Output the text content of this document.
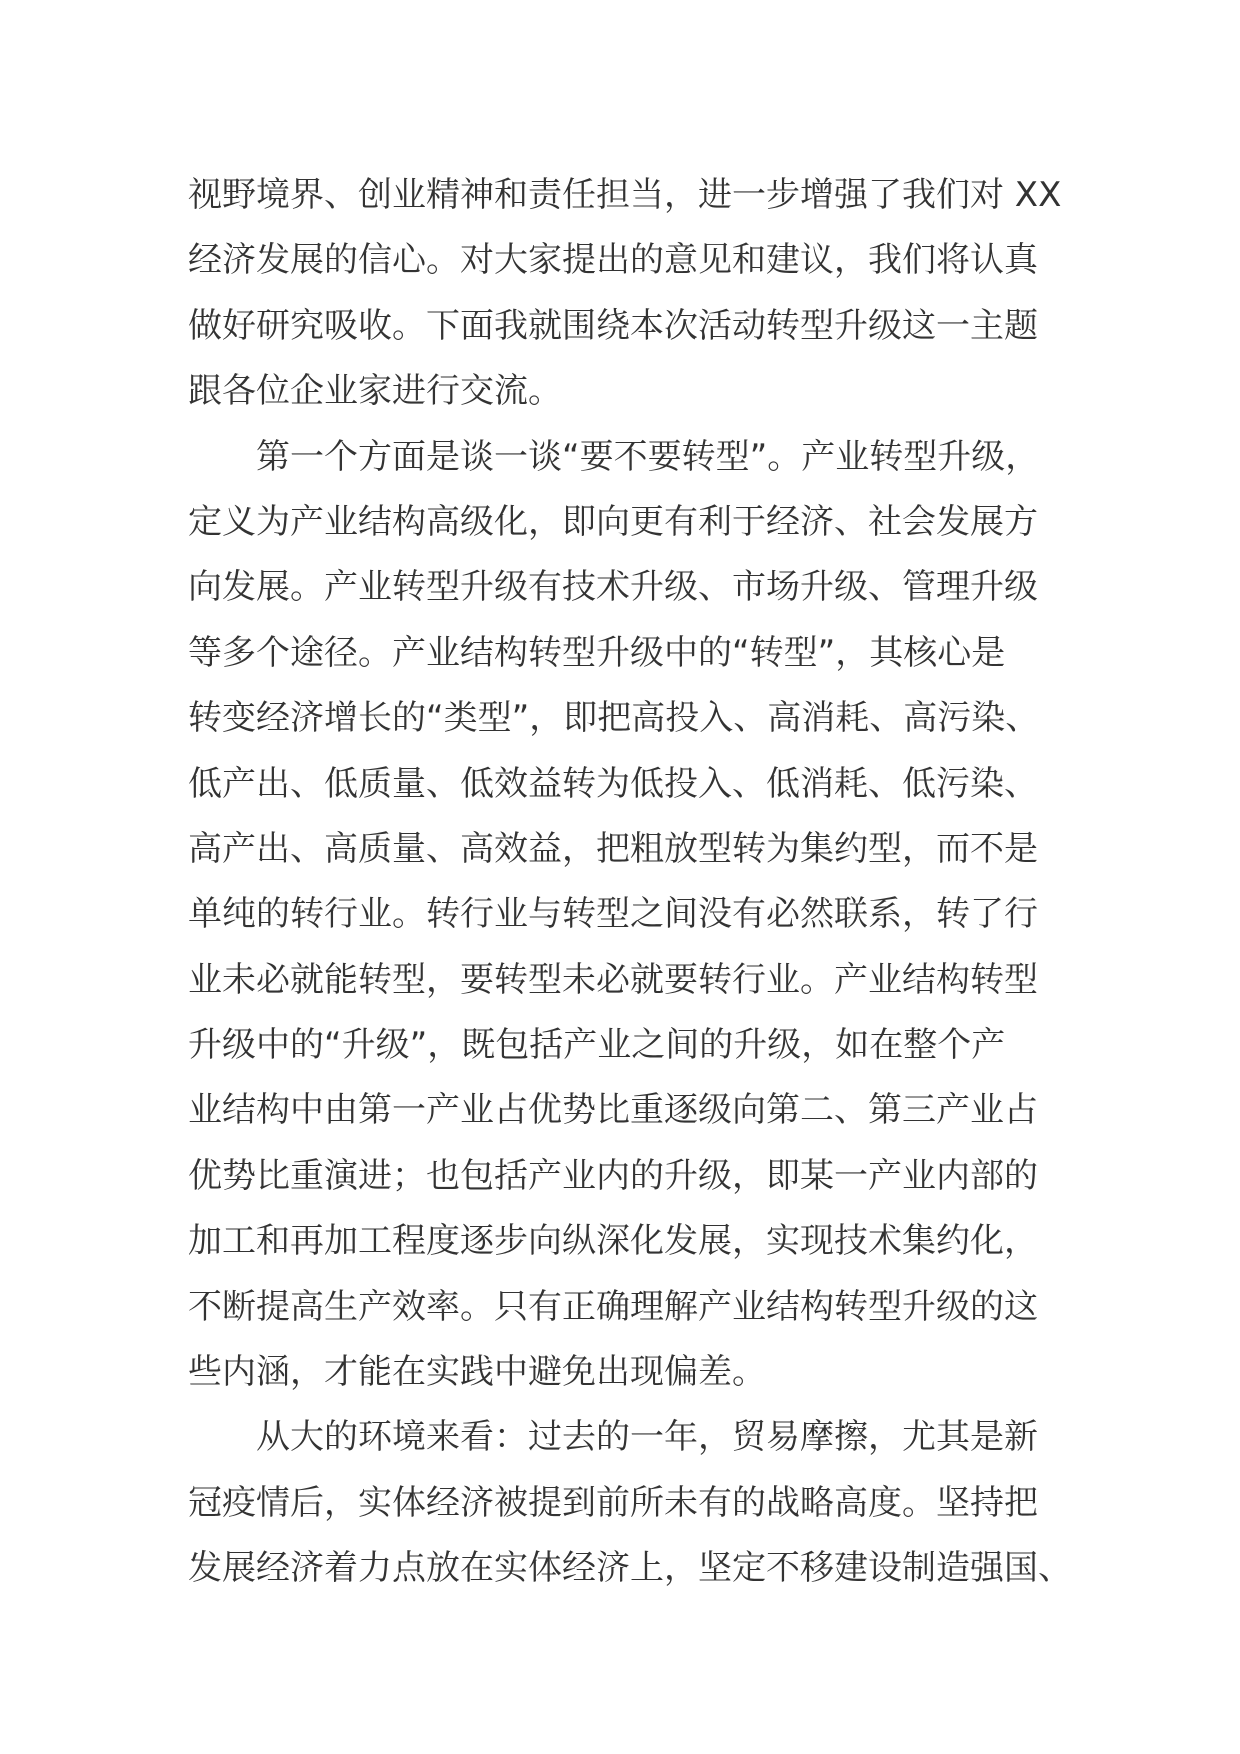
视野境界、创业精神和责任担当，进一步增强了我们对 XX
经济发展的信心。对大家提出的意见和建议，我们将认真
做好研究吸收。下面我就围绕本次活动转型升级这一主题
跟各位企业家进行交流。
第一个方面是谈一谈“要不要转型”。产业转型升级，
定义为产业结构高级化，即向更有利于经济、社会发展方
向发展。产业转型升级有技术升级、市场升级、管理升级
等多个途径。产业结构转型升级中的“转型”，其核心是
转变经济增长的“类型”，即把高投入、高消耗、高污染、
低产出、低质量、低效益转为低投入、低消耗、低污染、
高产出、高质量、高效益，把粗放型转为集约型，而不是
单纯的转行业。转行业与转型之间没有必然联系，转了行
业未必就能转型，要转型未必就要转行业。产业结构转型
升级中的“升级”，既包括产业之间的升级，如在整个产
业结构中由第一产业占优势比重逐级向第二、第三产业占
优势比重演进；也包括产业内的升级，即某一产业内部的
加工和再加工程度逐步向纵深化发展，实现技术集约化，
不断提高生产效率。只有正确理解产业结构转型升级的这
些内涵，才能在实践中避免出现偏差。
从大的环境来看：过去的一年，贸易摩擦，尤其是新
冠疫情后，实体经济被提到前所未有的战略高度。坚持把
发展经济着力点放在实体经济上，坚定不移建设制造强国、
